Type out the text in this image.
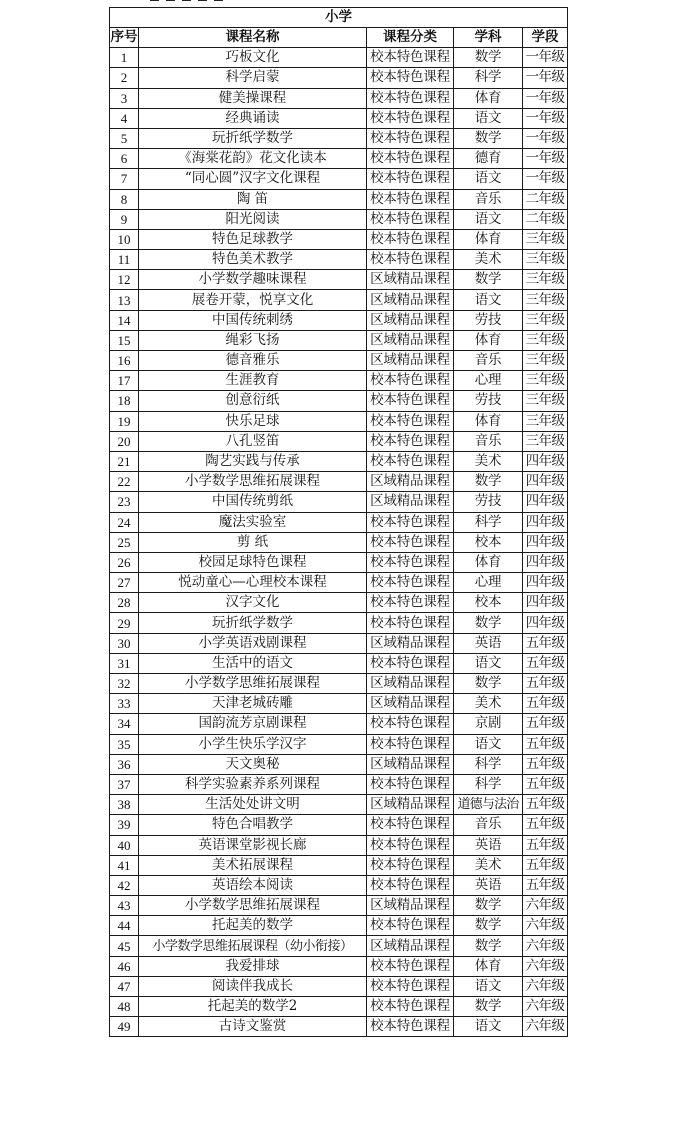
小学				
序号	课程名称	课程分类	学科	学段
1	巧板文化	校本特色课程	数学	一年级
2	科学启蒙	校本特色课程	科学	一年级
3	健美操课程	校本特色课程	体育	一年级
4	经典诵读	校本特色课程	语文	一年级
5	玩折纸学数学	校本特色课程	数学	一年级
6	《海棠花韵》花文化读本	校本特色课程	德育	一年级
7	“同心圆”汉字文化课程	校本特色课程	语文	一年级
8	陶 笛	校本特色课程	音乐	二年级
9	阳光阅读	校本特色课程	语文	二年级
10	特色足球教学	校本特色课程	体育	三年级
11	特色美术教学	校本特色课程	美术	三年级
12	小学数学趣味课程	区域精品课程	数学	三年级
13	展卷开蒙，悦享文化	区域精品课程	语文	三年级
14	中国传统刺绣	区域精品课程	劳技	三年级
15	绳彩飞扬	区域精品课程	体育	三年级
16	德音雅乐	区域精品课程	音乐	三年级
17	生涯教育	校本特色课程	心理	三年级
18	创意衍纸	校本特色课程	劳技	三年级
19	快乐足球	校本特色课程	体育	三年级
20	八孔竖笛	校本特色课程	音乐	三年级
21	陶艺实践与传承	校本特色课程	美术	四年级
22	小学数学思维拓展课程	区域精品课程	数学	四年级
23	中国传统剪纸	区域精品课程	劳技	四年级
24	魔法实验室	校本特色课程	科学	四年级
25	剪 纸	校本特色课程	校本	四年级
26	校园足球特色课程	校本特色课程	体育	四年级
27	悦动童心—心理校本课程	校本特色课程	心理	四年级
28	汉字文化	校本特色课程	校本	四年级
29	玩折纸学数学	校本特色课程	数学	四年级
30	小学英语戏剧课程	区域精品课程	英语	五年级
31	生活中的语文	校本特色课程	语文	五年级
32	小学数学思维拓展课程	区域精品课程	数学	五年级
33	天津老城砖雕	区域精品课程	美术	五年级
34	国韵流芳京剧课程	校本特色课程	京剧	五年级
35	小学生快乐学汉字	校本特色课程	语文	五年级
36	天文奥秘	区域精品课程	科学	五年级
37	科学实验素养系列课程	校本特色课程	科学	五年级
38	生活处处讲文明	区域精品课程	道德与法治	五年级
39	特色合唱教学	校本特色课程	音乐	五年级
40	英语课堂影视长廊	校本特色课程	英语	五年级
41	美术拓展课程	校本特色课程	美术	五年级
42	英语绘本阅读	校本特色课程	英语	五年级
43	小学数学思维拓展课程	区域精品课程	数学	六年级
44	托起美的数学	校本特色课程	数学	六年级
45	小学数学思维拓展课程（幼小衔接）	区域精品课程	数学	六年级
46	我爱排球	校本特色课程	体育	六年级
47	阅读伴我成长	校本特色课程	语文	六年级
48	托起美的数学2	校本特色课程	数学	六年级
49	古诗文鉴赏	校本特色课程	语文	六年级
